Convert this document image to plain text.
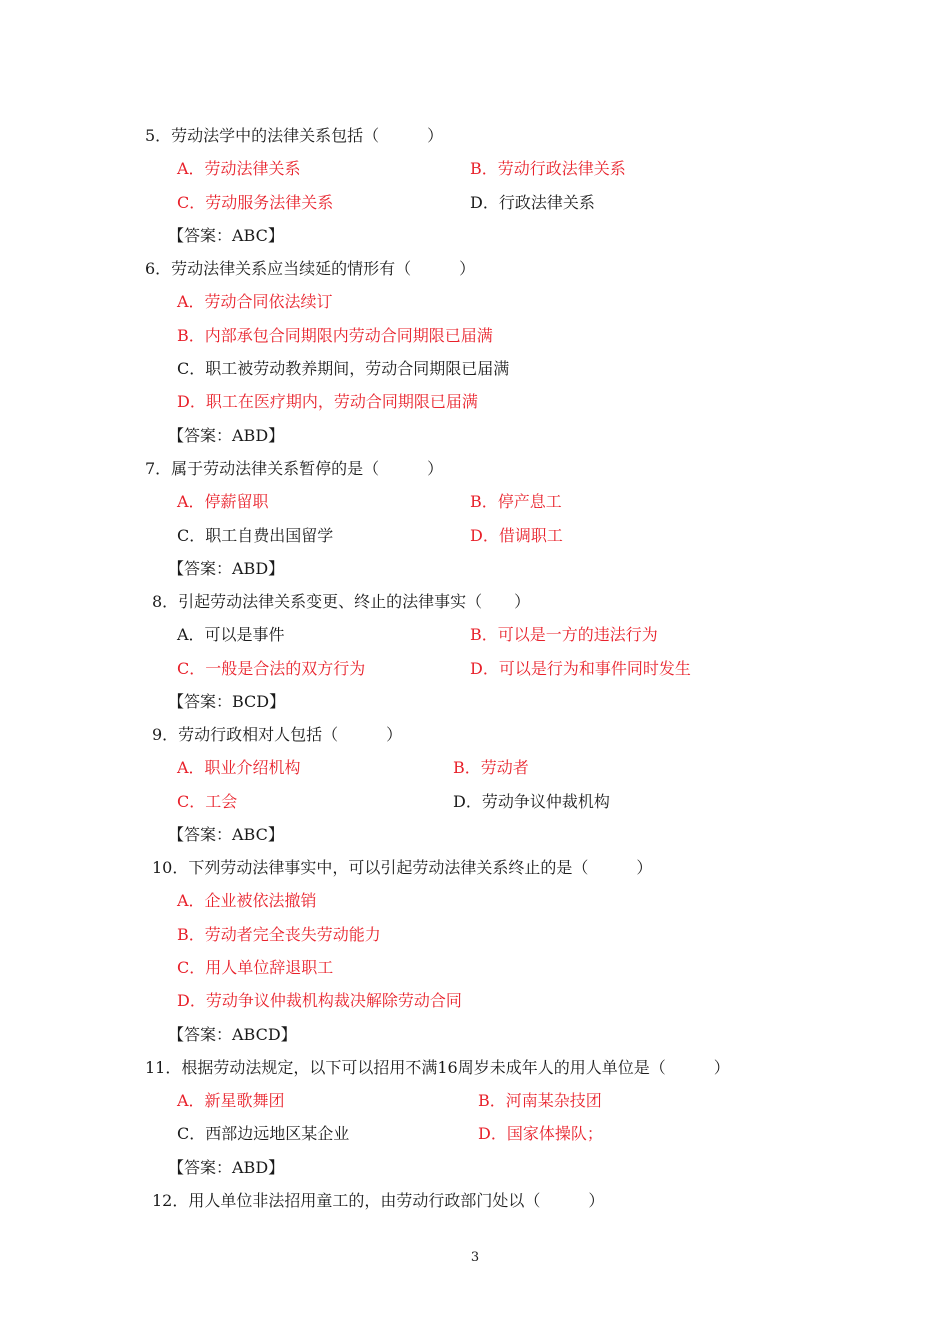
5．劳动法学中的法律关系包括（　　　）
A．劳动法律关系	B．劳动行政法律关系
C．劳动服务法律关系	D．行政法律关系
【答案：ABC】
6．劳动法律关系应当续延的情形有（　　　）
A．劳动合同依法续订
B．内部承包合同期限内劳动合同期限已届满
C．职工被劳动教养期间，劳动合同期限已届满
D．职工在医疗期内，劳动合同期限已届满
【答案：ABD】
7．属于劳动法律关系暂停的是（　　　）
A．停薪留职	B．停产息工
C．职工自费出国留学	D．借调职工
【答案：ABD】
8．引起劳动法律关系变更、终止的法律事实（　　）
A．可以是事件	B．可以是一方的违法行为
C．一般是合法的双方行为	D．可以是行为和事件同时发生
【答案：BCD】
9．劳动行政相对人包括（　　　）
A．职业介绍机构	B．劳动者
C．工会	D．劳动争议仲裁机构
【答案：ABC】
10．下列劳动法律事实中，可以引起劳动法律关系终止的是（　　　）
A．企业被依法撤销
B．劳动者完全丧失劳动能力
C．用人单位辞退职工
D．劳动争议仲裁机构裁决解除劳动合同
【答案：ABCD】
11．根据劳动法规定，以下可以招用不满16周岁未成年人的用人单位是（　　　）
A．新星歌舞团	B．河南某杂技团
C．西部边远地区某企业	D．国家体操队；
【答案：ABD】
12．用人单位非法招用童工的，由劳动行政部门处以（　　　）
3
